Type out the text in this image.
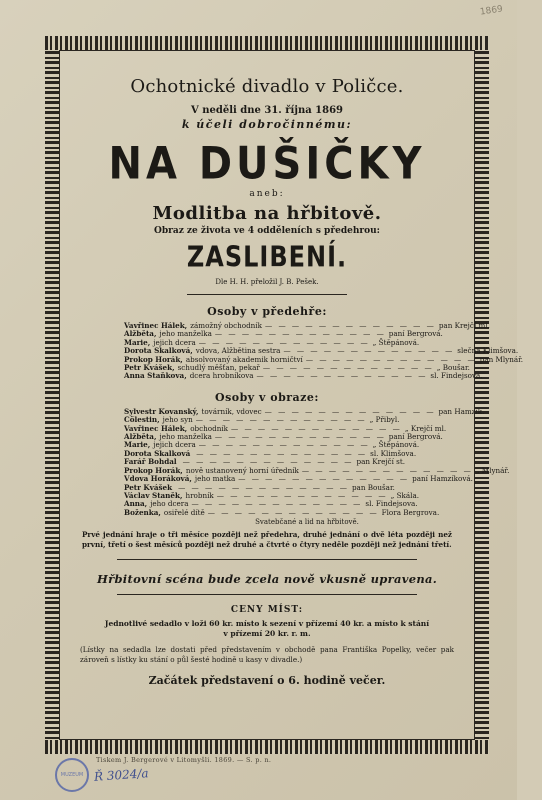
1869
Ochotnické divadlo v Poličce.
V neděli dne 31. října 1869
k účeli dobročinnému:
NA DUŠIČKY
aneb:
Modlitba na hřbitově.
Obraz ze života ve 4 odděleních s předehrou:
ZASLIBENÍ.
Dle H. H. přeložil J. B. Pešek.
Osoby v předehře:
Vavřinec Hálek, zámožný obchodník — — — — — — — — — — — — — pan Krejčí ml.
Alžběta, jeho manželka — — — — — — — — — — — — — paní Bergrová.
Marie, jejich dcera — — — — — — — — — — — — — „ Štěpánová.
Dorota Skalková, vdova, Alžbětina sestra — — — — — — — — — — — — — slečna Klimšova.
Prokop Horák, absolvovaný akademik horničtví — — — — — — — — — — — — — pan Mlynář.
Petr Kvášek, schudlý měšťan, pekař — — — — — — — — — — — — — „ Boušar.
Anna Staňkova, dcera hrobníkova — — — — — — — — — — — — — sl. Findejsova.
Osoby v obraze:
Sylvestr Kovanský, továrník, vdovec — — — — — — — — — — — — — pan Hamzík.
Cölestin, jeho syn — — — — — — — — — — — — — „ Přibyl.
Vavřinec Hálek, obchodník — — — — — — — — — — — — — „ Krejčí ml.
Alžběta, jeho manželka — — — — — — — — — — — — — paní Bergrová.
Marie, jejich dcera — — — — — — — — — — — — — „ Štěpánová.
Dorota Skalková — — — — — — — — — — — — — sl. Klimšova.
Farář Bohdal — — — — — — — — — — — — — pan Krejčí st.
Prokop Horák, nově ustanovený horní úředník — — — — — — — — — — — — — „ Mlynář.
Vdova Horáková, jeho matka — — — — — — — — — — — — — paní Hamzíková.
Petr Kvášek — — — — — — — — — — — — — pan Boušar.
Václav Staněk, hrobník — — — — — — — — — — — — — „ Skála.
Anna, jeho dcera — — — — — — — — — — — — — sl. Findejsova.
Boženka, osiřelé dítě — — — — — — — — — — — — — Flora Bergrova.
Svatebčané a lid na hřbitově.
Prvé jednání hraje o tři měsíce později než předehra, druhé jednání o dvě léta později než první, třetí o šest měsíců později než druhé a čtvrté o čtyry neděle později než jednání třetí.
Hřbitovní scéna bude zcela nově vkusně upravena.
CENY MÍST:
Jednotlivé sedadlo v loži 60 kr. místo k sezení v přízemí 40 kr. a místo k stání
v přízemí 20 kr. r. m.
(Lístky na sedadla lze dostati před představením v obchodě pana Františka Popelky, večer pak zároveň s lístky ku stání o půl šesté hodině u kasy v divadle.)
Začátek představení o 6. hodině večer.
MUZEUM
Tiskem J. Bergerové v Litomyšli. 1869. — S. p. n.
Ř 3024/a
